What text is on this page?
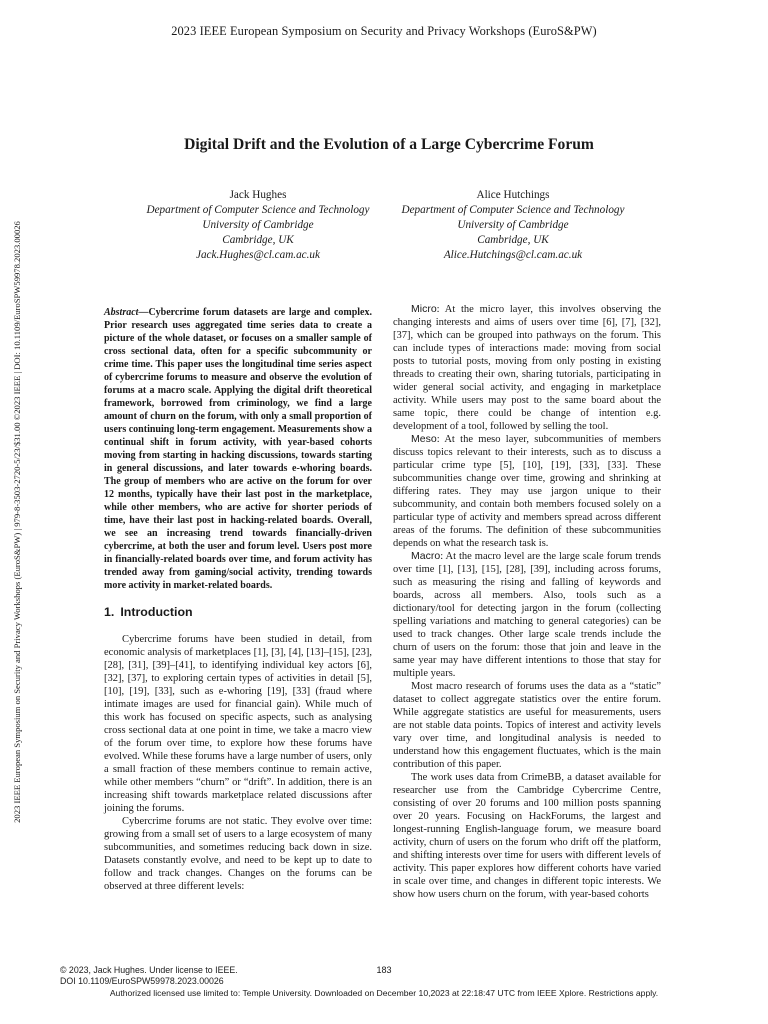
2023 IEEE European Symposium on Security and Privacy Workshops (EuroS&PW)
2023 IEEE European Symposium on Security and Privacy Workshops (EuroS&PW) | 979-8-3503-2720-5/23/$31.00 ©2023 IEEE | DOI: 10.1109/EuroSPW59978.2023.00026
Digital Drift and the Evolution of a Large Cybercrime Forum
Jack Hughes
Department of Computer Science and Technology
University of Cambridge
Cambridge, UK
Jack.Hughes@cl.cam.ac.uk
Alice Hutchings
Department of Computer Science and Technology
University of Cambridge
Cambridge, UK
Alice.Hutchings@cl.cam.ac.uk

Abstract—Cybercrime forum datasets are large and complex. Prior research uses aggregated time series data to create a picture of the whole dataset, or focuses on a smaller sample of cross sectional data, often for a specific subcommunity or crime time. This paper uses the longitudinal time series aspect of cybercrime forums to measure and observe the evolution of forums at a macro scale. Applying the digital drift theoretical framework, borrowed from criminology, we find a large amount of churn on the forum, with only a small proportion of users continuing long-term engagement. Measurements show a continual shift in forum activity, with year-based cohorts moving from starting in hacking discussions, towards starting in general discussions, and later towards e-whoring boards. The group of members who are active on the forum for over 12 months, typically have their last post in the marketplace, while other members, who are active for shorter periods of time, have their last post in hacking-related boards. Overall, we see an increasing trend towards financially-driven cybercrime, at both the user and forum level. Users post more in financially-related boards over time, and forum activity has trended away from gaming/social activity, trending towards more activity in market-related boards.

1. Introduction

Cybercrime forums have been studied in detail, from economic analysis of marketplaces [1], [3], [4], [13]–[15], [23], [28], [31], [39]–[41], to identifying individual key actors [6], [32], [37], to exploring certain types of activities in detail [5], [10], [19], [33], such as e-whoring [19], [33] (fraud where intimate images are used for financial gain). While much of this work has focused on specific aspects, such as analysing cross sectional data at one point in time, we take a macro view of the forum over time, to explore how these forums have evolved. While these forums have a large number of users, only a small fraction of these members continue to remain active, while other members “churn” or “drift”. In addition, there is an increasing shift towards marketplace related discussions after joining the forums.

Cybercrime forums are not static. They evolve over time: growing from a small set of users to a large ecosystem of many subcommunities, and sometimes reducing back down in size. Datasets constantly evolve, and need to be kept up to date to follow and track changes. Changes on the forums can be observed at three different levels:

Micro: At the micro layer, this involves observing the changing interests and aims of users over time [6], [7], [32], [37], which can be grouped into pathways on the forum. This can include types of interactions made: moving from social posts to tutorial posts, moving from only posting in existing threads to creating their own, sharing tutorials, participating in wider general social activity, and engaging in marketplace activity. While users may post to the same board about the same topic, there could be change of intention e.g. development of a tool, followed by selling the tool.

Meso: At the meso layer, subcommunities of members discuss topics relevant to their interests, such as to discuss a particular crime type [5], [10], [19], [33], [33]. These subcommunities change over time, growing and shrinking at differing rates. They may use jargon unique to their subcommunity, and contain both members focused solely on a particular type of activity and members spread across different areas of the forums. The definition of these subcommunities depends on what the research task is.

Macro: At the macro level are the large scale forum trends over time [1], [13], [15], [28], [39], including across forums, such as measuring the rising and falling of keywords and boards, across all members. Also, tools such as a dictionary/tool for detecting jargon in the forum (collecting spelling variations and matching to general categories) can be used to track changes. Other large scale trends include the churn of users on the forum: those that join and leave in the same year may have different intentions to those that stay for multiple years.

Most macro research of forums uses the data as a “static” dataset to collect aggregate statistics over the entire forum. While aggregate statistics are useful for measurements, users are not stable data points. Topics of interest and activity levels vary over time, and longitudinal analysis is needed to understand how this engagement fluctuates, which is the main contribution of this paper.

The work uses data from CrimeBB, a dataset available for researcher use from the Cambridge Cybercrime Centre, consisting of over 20 forums and 100 million posts spanning over 20 years. Focusing on HackForums, the largest and longest-running English-language forum, we measure board activity, churn of users on the forum who drift off the platform, and shifting interests over time for users with different levels of activity. This paper explores how different cohorts have varied in scale over time, and changes in different topic interests. We show how users churn on the forum, with year-based cohorts

© 2023, Jack Hughes. Under license to IEEE.
DOI 10.1109/EuroSPW59978.2023.00026
183
Authorized licensed use limited to: Temple University. Downloaded on December 10,2023 at 22:18:47 UTC from IEEE Xplore. Restrictions apply.
